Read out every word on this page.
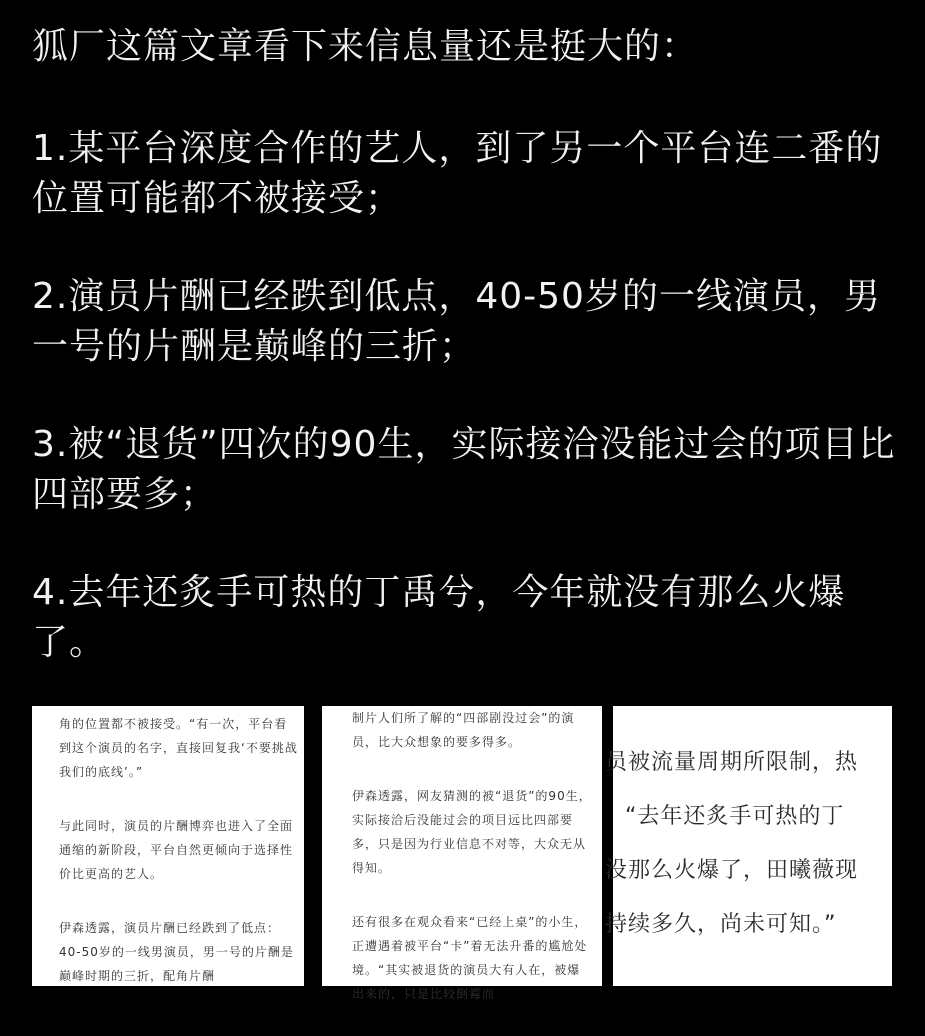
狐厂这篇文章看下来信息量还是挺大的：

1.某平台深度合作的艺人，到了另一个平台连二番的位置可能都不被接受；

2.演员片酬已经跌到低点，40-50岁的一线演员，男一号的片酬是巅峰的三折；

3.被“退货”四次的90生，实际接洽没能过会的项目比四部要多；

4.去年还炙手可热的丁禹兮，今年就没有那么火爆了。

角的位置都不被接受。“有一次，平台看到这个演员的名字，直接回复我‘不要挑战我们的底线’。”

与此同时，演员的片酬博弈也进入了全面通缩的新阶段，平台自然更倾向于选择性价比更高的艺人。

伊森透露，演员片酬已经跌到了低点：40-50岁的一线男演员，男一号的片酬是巅峰时期的三折，配角片酬

制片人们所了解的“四部剧没过会”的演员，比大众想象的要多得多。

伊森透露，网友猜测的被“退货”的90生，实际接洽后没能过会的项目远比四部要多，只是因为行业信息不对等，大众无从得知。

还有很多在观众看来“已经上桌”的小生，正遭遇着被平台“卡”着无法升番的尴尬处境。“其实被退货的演员大有人在，被爆出来的，只是比较倒霉而

员被流量周期所限制，热

“去年还炙手可热的丁

没那么火爆了，田曦薇现

持续多久，尚未可知。”
